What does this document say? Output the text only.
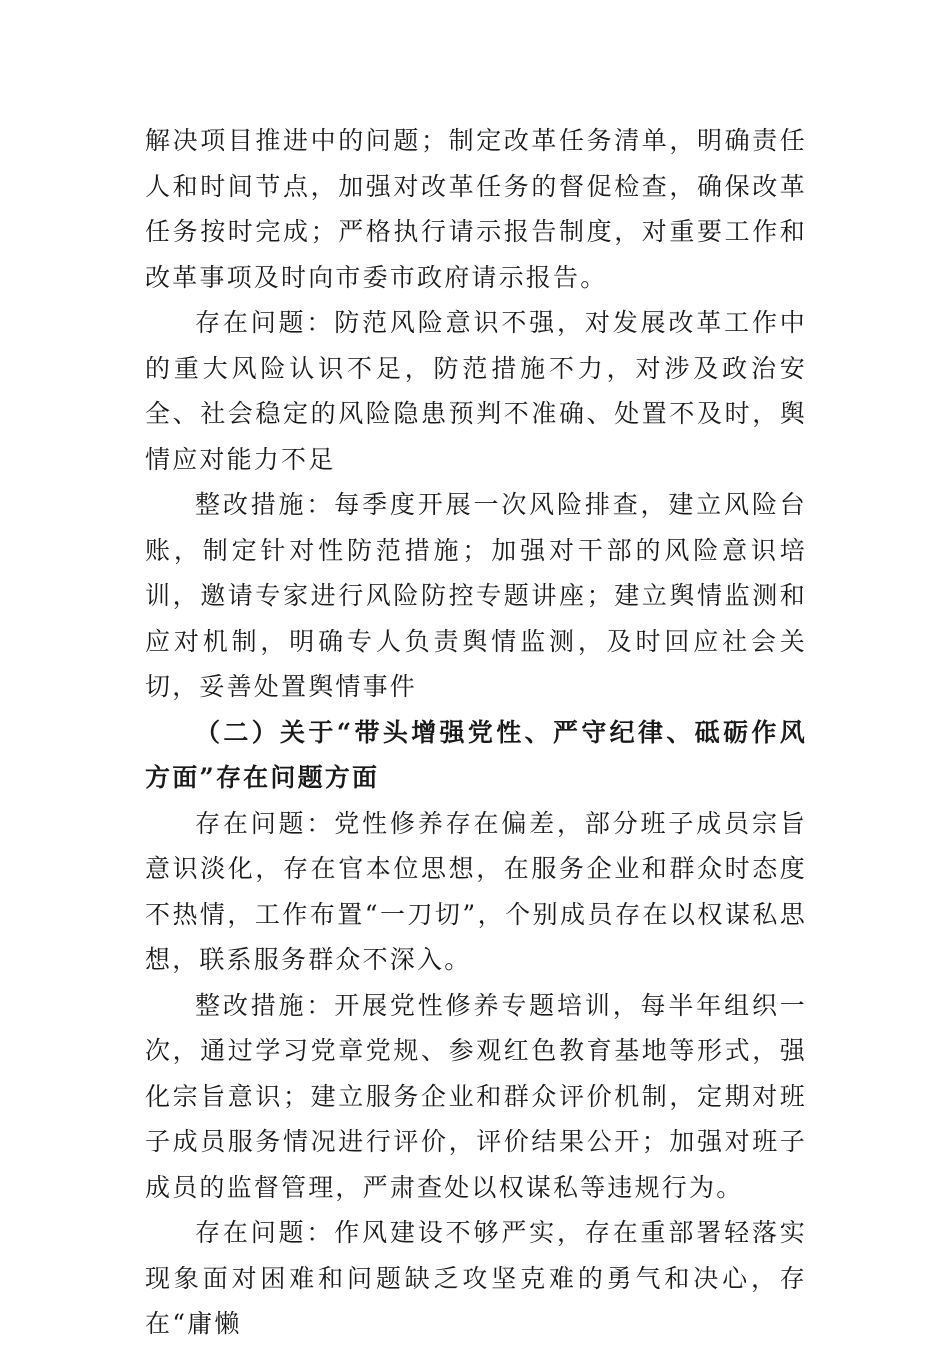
解决项目推进中的问题；制定改革任务清单，明确责任人和时间节点，加强对改革任务的督促检查，确保改革任务按时完成；严格执行请示报告制度，对重要工作和改革事项及时向市委市政府请示报告。

存在问题：防范风险意识不强，对发展改革工作中的重大风险认识不足，防范措施不力，对涉及政治安全、社会稳定的风险隐患预判不准确、处置不及时，舆情应对能力不足

整改措施：每季度开展一次风险排查，建立风险台账，制定针对性防范措施；加强对干部的风险意识培训，邀请专家进行风险防控专题讲座；建立舆情监测和应对机制，明确专人负责舆情监测，及时回应社会关切，妥善处置舆情事件

（二）关于“带头增强党性、严守纪律、砥砺作风方面”存在问题方面

存在问题：党性修养存在偏差，部分班子成员宗旨意识淡化，存在官本位思想，在服务企业和群众时态度不热情，工作布置“一刀切”，个别成员存在以权谋私思想，联系服务群众不深入。

整改措施：开展党性修养专题培训，每半年组织一次，通过学习党章党规、参观红色教育基地等形式，强化宗旨意识；建立服务企业和群众评价机制，定期对班子成员服务情况进行评价，评价结果公开；加强对班子成员的监督管理，严肃查处以权谋私等违规行为。

存在问题：作风建设不够严实，存在重部署轻落实现象面对困难和问题缺乏攻坚克难的勇气和决心，存在“庸懒
